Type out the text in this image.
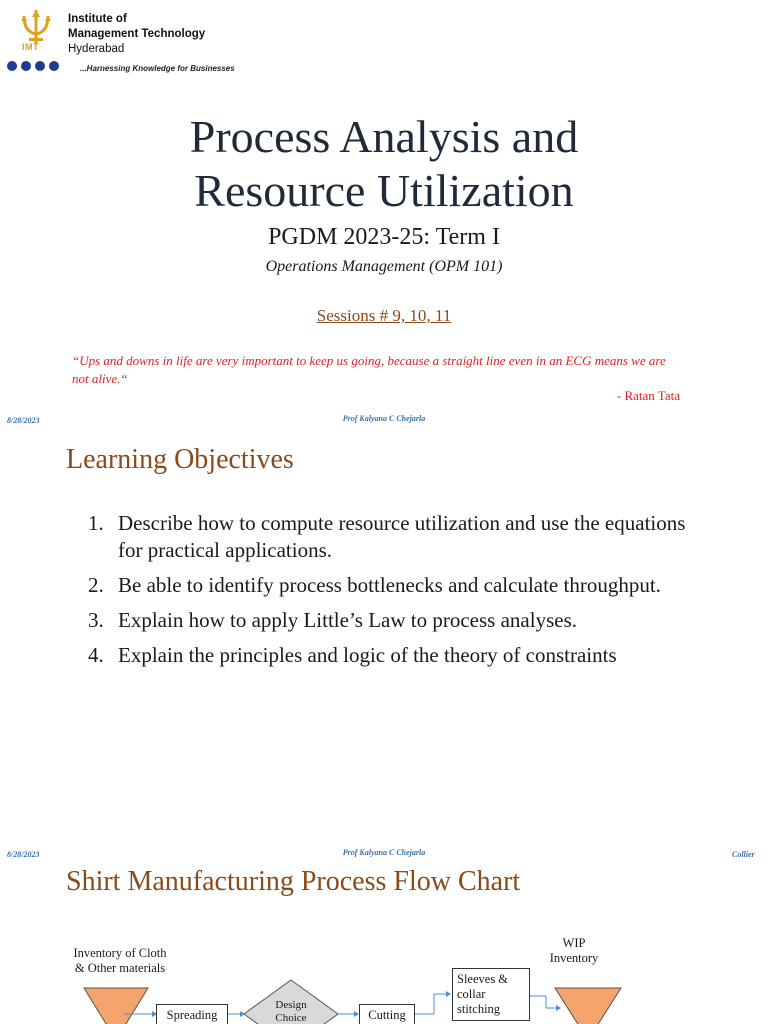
IMT
Institute of
Management Technology
Hyderabad
...Harnessing Knowledge for Businesses
Process Analysis and
Resource Utilization
PGDM 2023-25: Term I
Operations Management (OPM 101)
Sessions # 9, 10, 11
“Ups and downs in life are very important to keep us going, because a straight line even in an ECG means we are not alive.“
- Ratan Tata
8/28/2023	Prof Kalyana C Chejarla
Learning Objectives
1. Describe how to compute resource utilization and use the equations for practical applications.
2. Be able to identify process bottlenecks and calculate throughput.
3. Explain how to apply Little’s Law to process analyses.
4. Explain the principles and logic of the theory of constraints
8/28/2023	Prof Kalyana C Chejarla	Collier
Shirt Manufacturing Process Flow Chart
Inventory of Cloth
& Other materials
WIP
Inventory
Spreading
Design
Choice	Cutting
Sleeves &
collar
stitching
